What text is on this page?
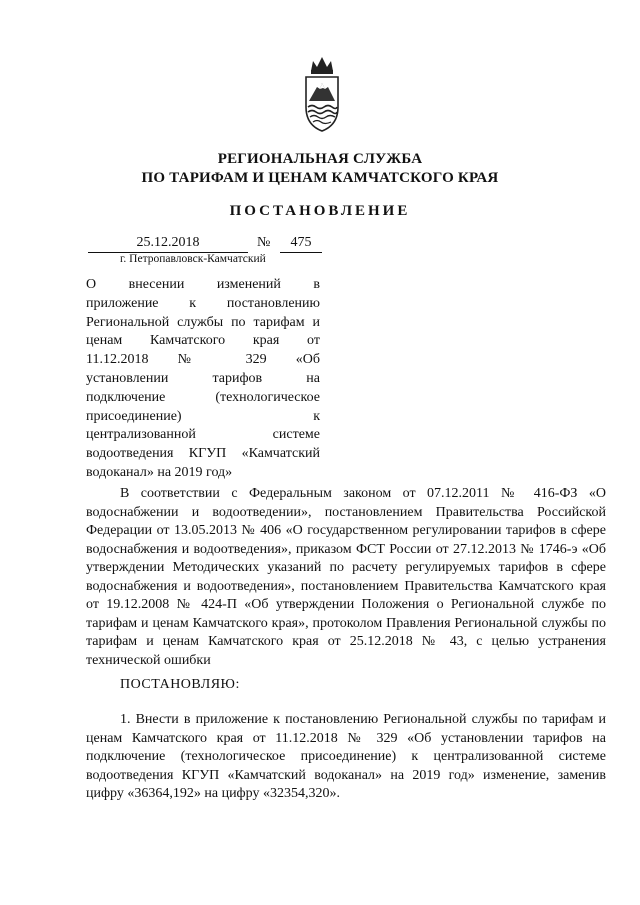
РЕГИОНАЛЬНАЯ СЛУЖБА
ПО ТАРИФАМ И ЦЕНАМ КАМЧАТСКОГО КРАЯ
ПОСТАНОВЛЕНИЕ
25.12.2018	№	475
г. Петропавловск-Камчатский
О внесении изменений в
приложение к постановлению
Региональной службы по тарифам и
ценам Камчатского края от
11.12.2018 № 329 «Об
установлении тарифов на
подключение (технологическое
присоединение) к
централизованной системе
водоотведения КГУП «Камчатский
водоканал» на 2019 год»
В соответствии с Федеральным законом от 07.12.2011 № 416-ФЗ «О водоснабжении и водоотведении», постановлением Правительства Российской Федерации от 13.05.2013 № 406 «О государственном регулировании тарифов в сфере водоснабжения и водоотведения», приказом ФСТ России от 27.12.2013 № 1746-э «Об утверждении Методических указаний по расчету регулируемых тарифов в сфере водоснабжения и водоотведения», постановлением Правительства Камчатского края от 19.12.2008 № 424-П «Об утверждении Положения о Региональной службе по тарифам и ценам Камчатского края», протоколом Правления Региональной службы по тарифам и ценам Камчатского края от 25.12.2018 № 43, с целью устранения технической ошибки
ПОСТАНОВЛЯЮ:
1. Внести в приложение к постановлению Региональной службы по тарифам и ценам Камчатского края от 11.12.2018 № 329 «Об установлении тарифов на подключение (технологическое присоединение) к централизованной системе водоотведения КГУП «Камчатский водоканал» на 2019 год» изменение, заменив цифру «36364,192» на цифру «32354,320».
